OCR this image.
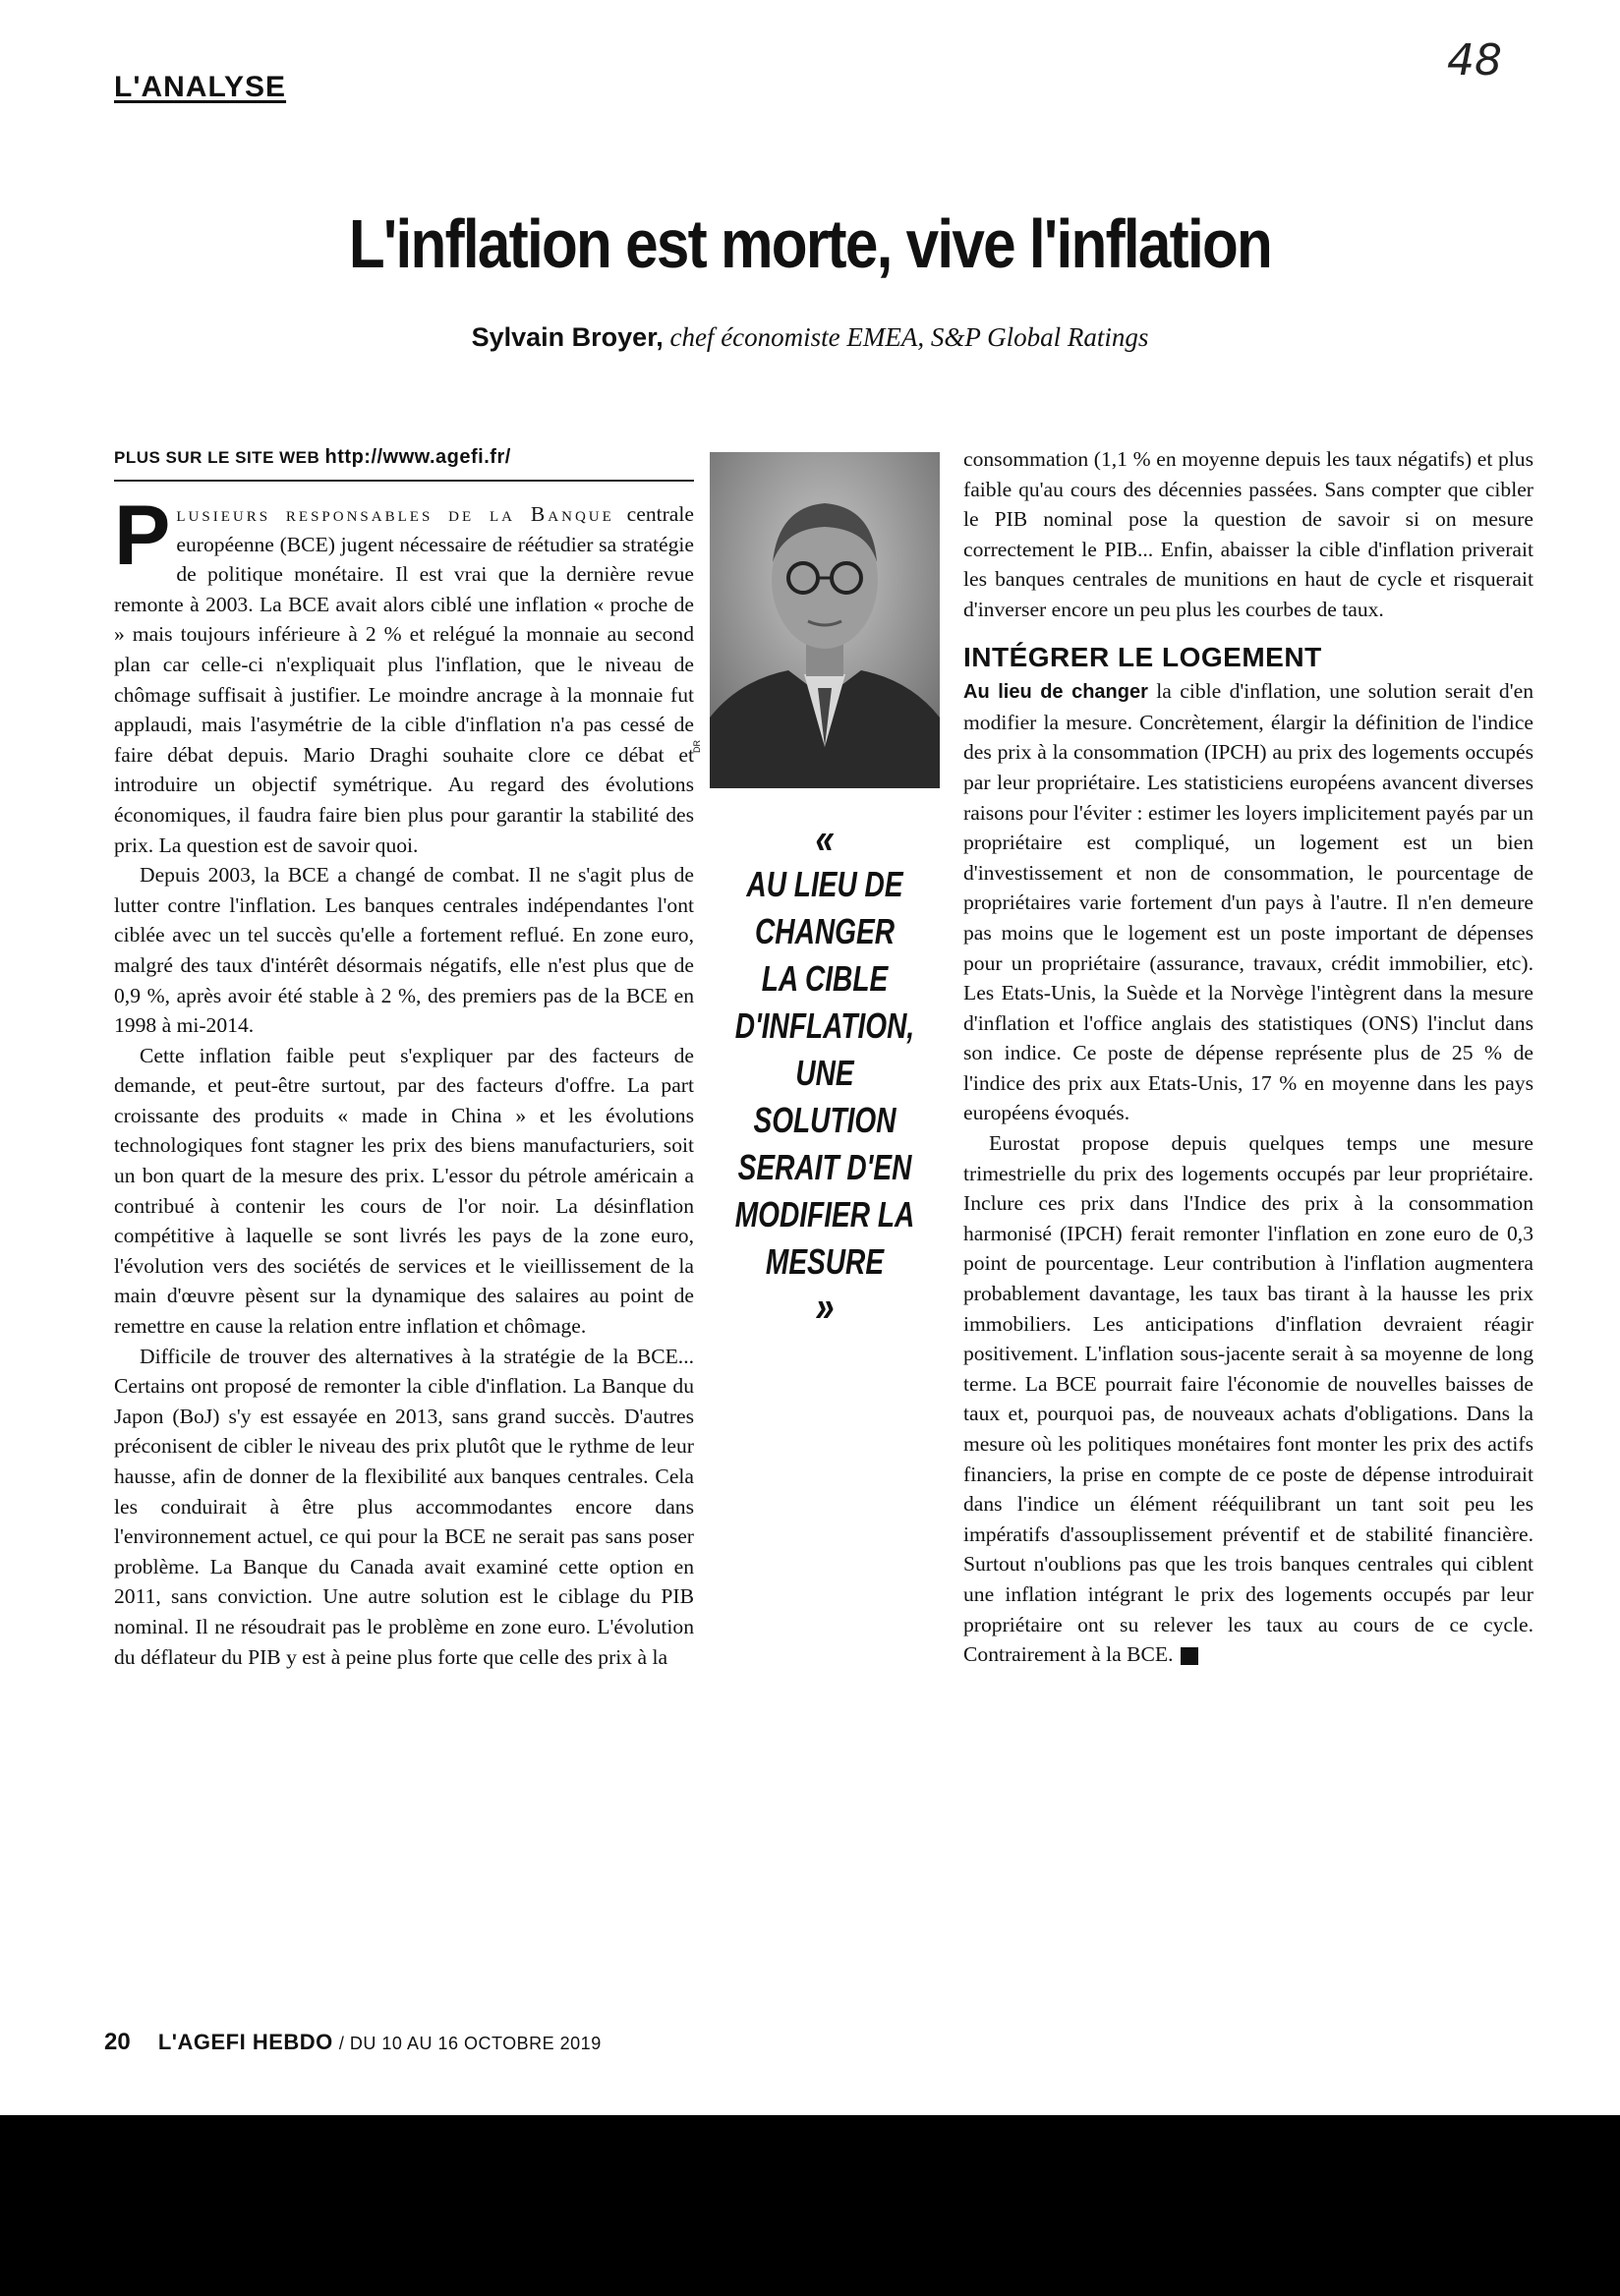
L'ANALYSE
48
L'inflation est morte, vive l'inflation
Sylvain Broyer, chef économiste EMEA, S&P Global Ratings
PLUS SUR LE SITE WEB http://www.agefi.fr/

P lusieurs responsables de la Banque centrale européenne (BCE) jugent nécessaire de réétudier sa stratégie de politique monétaire. Il est vrai que la dernière revue remonte à 2003. La BCE avait alors ciblé une inflation « proche de » mais toujours inférieure à 2 % et relégué la monnaie au second plan car celle-ci n'expliquait plus l'inflation, que le niveau de chômage suffisait à justifier. Le moindre ancrage à la monnaie fut applaudi, mais l'asymétrie de la cible d'inflation n'a pas cessé de faire débat depuis. Mario Draghi souhaite clore ce débat et introduire un objectif symétrique. Au regard des évolutions économiques, il faudra faire bien plus pour garantir la stabilité des prix. La question est de savoir quoi.

Depuis 2003, la BCE a changé de combat. Il ne s'agit plus de lutter contre l'inflation. Les banques centrales indépendantes l'ont ciblée avec un tel succès qu'elle a fortement reflué. En zone euro, malgré des taux d'intérêt désormais négatifs, elle n'est plus que de 0,9 %, après avoir été stable à 2 %, des premiers pas de la BCE en 1998 à mi-2014.

Cette inflation faible peut s'expliquer par des facteurs de demande, et peut-être surtout, par des facteurs d'offre. La part croissante des produits « made in China » et les évolutions technologiques font stagner les prix des biens manufacturiers, soit un bon quart de la mesure des prix. L'essor du pétrole américain a contribué à contenir les cours de l'or noir. La désinflation compétitive à laquelle se sont livrés les pays de la zone euro, l'évolution vers des sociétés de services et le vieillissement de la main d'œuvre pèsent sur la dynamique des salaires au point de remettre en cause la relation entre inflation et chômage.

Difficile de trouver des alternatives à la stratégie de la BCE... Certains ont proposé de remonter la cible d'inflation. La Banque du Japon (BoJ) s'y est essayée en 2013, sans grand succès. D'autres préconisent de cibler le niveau des prix plutôt que le rythme de leur hausse, afin de donner de la flexibilité aux banques centrales. Cela les conduirait à être plus accommodantes encore dans l'environnement actuel, ce qui pour la BCE ne serait pas sans poser problème. La Banque du Canada avait examiné cette option en 2011, sans conviction. Une autre solution est le ciblage du PIB nominal. Il ne résoudrait pas le problème en zone euro. L'évolution du déflateur du PIB y est à peine plus forte que celle des prix à la

DR
«
AU LIEU DE CHANGER LA CIBLE D'INFLATION, UNE SOLUTION SERAIT D'EN MODIFIER LA MESURE
»

consommation (1,1 % en moyenne depuis les taux négatifs) et plus faible qu'au cours des décennies passées. Sans compter que cibler le PIB nominal pose la question de savoir si on mesure correctement le PIB... Enfin, abaisser la cible d'inflation priverait les banques centrales de munitions en haut de cycle et risquerait d'inverser encore un peu plus les courbes de taux.

INTÉGRER LE LOGEMENT

Au lieu de changer la cible d'inflation, une solution serait d'en modifier la mesure. Concrètement, élargir la définition de l'indice des prix à la consommation (IPCH) au prix des logements occupés par leur propriétaire. Les statisticiens européens avancent diverses raisons pour l'éviter : estimer les loyers implicitement payés par un propriétaire est compliqué, un logement est un bien d'investissement et non de consommation, le pourcentage de propriétaires varie fortement d'un pays à l'autre. Il n'en demeure pas moins que le logement est un poste important de dépenses pour un propriétaire (assurance, travaux, crédit immobilier, etc). Les Etats-Unis, la Suède et la Norvège l'intègrent dans la mesure d'inflation et l'office anglais des statistiques (ONS) l'inclut dans son indice. Ce poste de dépense représente plus de 25 % de l'indice des prix aux Etats-Unis, 17 % en moyenne dans les pays européens évoqués.

Eurostat propose depuis quelques temps une mesure trimestrielle du prix des logements occupés par leur propriétaire. Inclure ces prix dans l'Indice des prix à la consommation harmonisé (IPCH) ferait remonter l'inflation en zone euro de 0,3 point de pourcentage. Leur contribution à l'inflation augmentera probablement davantage, les taux bas tirant à la hausse les prix immobiliers. Les anticipations d'inflation devraient réagir positivement. L'inflation sous-jacente serait à sa moyenne de long terme. La BCE pourrait faire l'économie de nouvelles baisses de taux et, pourquoi pas, de nouveaux achats d'obligations. Dans la mesure où les politiques monétaires font monter les prix des actifs financiers, la prise en compte de ce poste de dépense introduirait dans l'indice un élément rééquilibrant un tant soit peu les impératifs d'assouplissement préventif et de stabilité financière. Surtout n'oublions pas que les trois banques centrales qui ciblent une inflation intégrant le prix des logements occupés par leur propriétaire ont su relever les taux au cours de ce cycle. Contrairement à la BCE.

20 L'AGEFI HEBDO / DU 10 AU 16 OCTOBRE 2019
